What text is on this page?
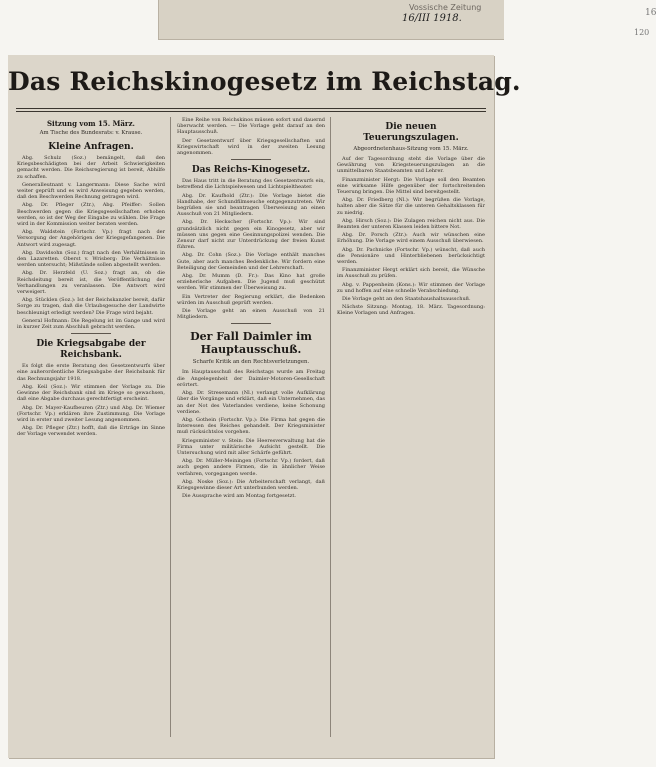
Vossische Zeitung
16/III 1918.	16
120
Das Reichskinogesetz im Reichstag.
Sitzung vom 15. März.
Am Tische des Bundesrats: v. Krause.
Kleine Anfragen.

Abg. Schulz (Soz.) bemängelt, daß den Kriegsbeschädigten bei der Arbeit Schwierigkeiten gemacht werden. Die Reichsregierung ist bereit, Abhilfe zu schaffen.

Generalleutnant v. Langermann: Diese Sache wird weiter geprüft und es wird Anweisung gegeben werden, daß den Beschwerden Rechnung getragen wird.

Abg. Dr. Pfleger (Ztr.), Abg. Pfeiffer: Sollen Beschwerden gegen die Kriegsgesellschaften erhoben werden, so ist der Weg der Eingabe zu wählen. Die Frage wird in der Kommission weiter beraten werden.

Abg. Waldstein (Fortschr. Vp.) fragt nach der Versorgung der Angehörigen der Kriegsgefangenen. Die Antwort wird zugesagt.

Abg. Davidsohn (Soz.) fragt nach den Verhältnissen in den Lazaretten. Oberst v. Wrisberg: Die Verhältnisse werden untersucht; Mißstände sollen abgestellt werden.

Abg. Dr. Herzfeld (U. Soz.) fragt an, ob die Reichsleitung bereit ist, die Veröffentlichung der Verhandlungen zu veranlassen. Die Antwort wird verweigert.

Abg. Stücklen (Soz.): Ist der Reichskanzler bereit, dafür Sorge zu tragen, daß die Urlaubsgesuche der Landwirte beschleunigt erledigt werden? Die Frage wird bejaht.

General Hofmann: Die Regelung ist im Gange und wird in kurzer Zeit zum Abschluß gebracht werden.

Die Kriegsabgabe der Reichsbank.

Es folgt die erste Beratung des Gesetzentwurfs über eine außerordentliche Kriegsabgabe der Reichsbank für das Rechnungsjahr 1918.

Abg. Keil (Soz.): Wir stimmen der Vorlage zu. Die Gewinne der Reichsbank sind im Kriege so gewachsen, daß eine Abgabe durchaus gerechtfertigt erscheint.

Abg. Dr. Mayer-Kaufbeuren (Ztr.) und Abg. Dr. Wiemer (Fortschr. Vp.) erklären ihre Zustimmung. Die Vorlage wird in erster und zweiter Lesung angenommen.

Abg. Dr. Pfleger (Ztr.) hofft, daß die Erträge im Sinne der Vorlage verwendet werden.

Eine Reihe von Reichskinos müssen sofort und dauernd überwacht werden. — Die Vorlage geht darauf an den Hauptausschuß.

Der Gesetzentwurf über Kriegsgesellschaften und Kriegswirtschaft wird in der zweiten Lesung angenommen.

Das Reichs-Kinogesetz.

Das Haus tritt in die Beratung des Gesetzentwurfs ein, betreffend die Lichtspielwesen und Lichtspieltheater.

Abg. Dr. Kaufhold (Ztr.): Die Vorlage bietet die Handhabe, der Schundfilmseuche entgegenzutreten. Wir begrüßen sie und beantragen Überweisung an einen Ausschuß von 21 Mitgliedern.

Abg. Dr. Heckscher (Fortschr. Vp.): Wir sind grundsätzlich nicht gegen ein Kinogesetz, aber wir müssen uns gegen eine Gesinnungspolizei wenden. Die Zensur darf nicht zur Unterdrückung der freien Kunst führen.

Abg. Dr. Cohn (Soz.): Die Vorlage enthält manches Gute, aber auch manches Bedenkliche. Wir fordern eine Beteiligung der Gemeinden und der Lehrerschaft.

Abg. Dr. Mumm (D. Fr.): Das Kino hat große erzieherische Aufgaben. Die Jugend muß geschützt werden. Wir stimmen der Überweisung zu.

Ein Vertreter der Regierung erklärt, die Bedenken würden im Ausschuß geprüft werden.

Die Vorlage geht an einen Ausschuß von 21 Mitgliedern.

Der Fall Daimler im Hauptausschuß.
Scharfe Kritik an den Rechtsverletzungen.

Im Hauptausschuß des Reichstags wurde am Freitag die Angelegenheit der Daimler-Motoren-Gesellschaft erörtert.

Abg. Dr. Stresemann (Nl.) verlangt volle Aufklärung über die Vorgänge und erklärt, daß ein Unternehmen, das an der Not des Vaterlandes verdiene, keine Schonung verdiene.

Abg. Gothein (Fortschr. Vp.): Die Firma hat gegen die Interessen des Reiches gehandelt. Der Kriegsminister muß rücksichtslos vorgehen.

Kriegsminister v. Stein: Die Heeresverwaltung hat die Firma unter militärische Aufsicht gestellt. Die Untersuchung wird mit aller Schärfe geführt.

Abg. Dr. Müller-Meiningen (Fortschr. Vp.) fordert, daß auch gegen andere Firmen, die in ähnlicher Weise verfahren, vorgegangen werde.

Abg. Noske (Soz.): Die Arbeiterschaft verlangt, daß Kriegsgewinne dieser Art unterbunden werden.

Die Aussprache wird am Montag fortgesetzt.

Die neuen Teuerungszulagen.
Abgeordnetenhaus-Sitzung vom 15. März.

Auf der Tagesordnung steht die Vorlage über die Gewährung von Kriegsteuerungszulagen an die unmittelbaren Staatsbeamten und Lehrer.

Finanzminister Hergt: Die Vorlage soll den Beamten eine wirksame Hilfe gegenüber der fortschreitenden Teuerung bringen. Die Mittel sind bereitgestellt.

Abg. Dr. Friedberg (Nl.): Wir begrüßen die Vorlage, halten aber die Sätze für die unteren Gehaltsklassen für zu niedrig.

Abg. Hirsch (Soz.): Die Zulagen reichen nicht aus. Die Beamten der unteren Klassen leiden bittere Not.

Abg. Dr. Porsch (Ztr.): Auch wir wünschen eine Erhöhung. Die Vorlage wird einem Ausschuß überwiesen.

Abg. Dr. Pachnicke (Fortschr. Vp.) wünscht, daß auch die Pensionäre und Hinterbliebenen berücksichtigt werden.

Finanzminister Hergt erklärt sich bereit, die Wünsche im Ausschuß zu prüfen.

Abg. v. Pappenheim (Kons.): Wir stimmen der Vorlage zu und hoffen auf eine schnelle Verabschiedung.

Die Vorlage geht an den Staatshaushaltsausschuß.

Nächste Sitzung: Montag, 18. März. Tagesordnung: Kleine Vorlagen und Anfragen.
